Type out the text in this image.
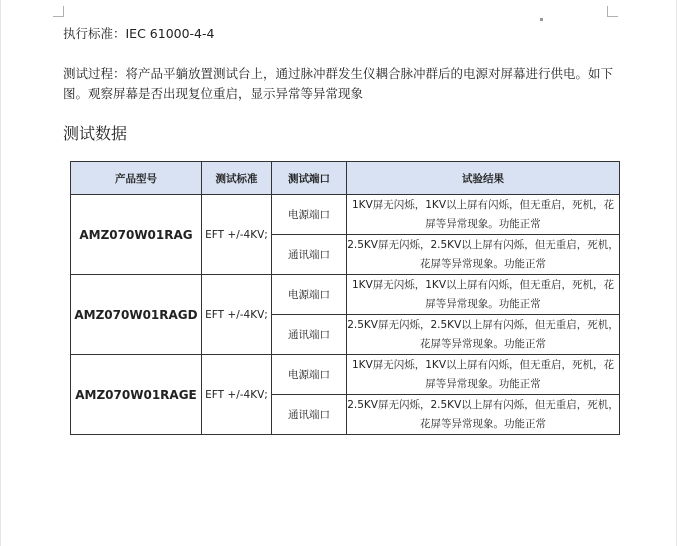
执行标准：IEC 61000-4-4
测试过程：将产品平躺放置测试台上，通过脉冲群发生仪耦合脉冲群后的电源对屏幕进行供电。如下
图。观察屏幕是否出现复位重启，显示异常等异常现象
测试数据
产品型号	测试标准	测试端口	试验结果
AMZ070W01RAG	EFT +/-4KV;	电源端口	1KV屏无闪烁，1KV以上屏有闪烁，但无重启，死机，花屏等异常现象。功能正常
		通讯端口	2.5KV屏无闪烁，2.5KV以上屏有闪烁，但无重启，死机，花屏等异常现象。功能正常
AMZ070W01RAGD	EFT +/-4KV;	电源端口	1KV屏无闪烁，1KV以上屏有闪烁，但无重启，死机，花屏等异常现象。功能正常
		通讯端口	2.5KV屏无闪烁，2.5KV以上屏有闪烁，但无重启，死机，花屏等异常现象。功能正常
AMZ070W01RAGE	EFT +/-4KV;	电源端口	1KV屏无闪烁，1KV以上屏有闪烁，但无重启，死机，花屏等异常现象。功能正常
		通讯端口	2.5KV屏无闪烁，2.5KV以上屏有闪烁，但无重启，死机，花屏等异常现象。功能正常
